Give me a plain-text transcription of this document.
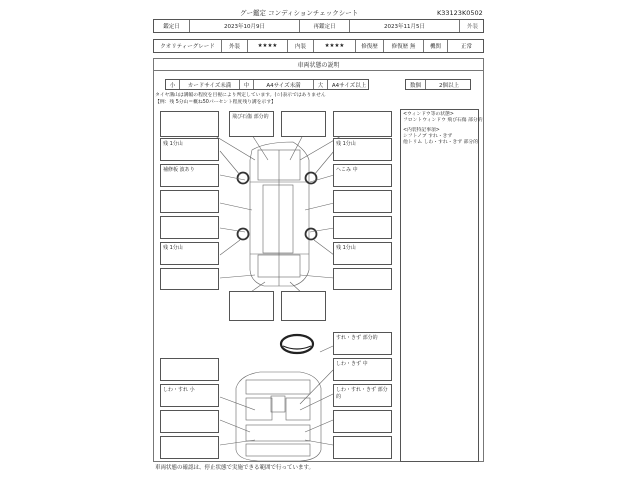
グー鑑定 コンディションチェックシート	K33123K0502
鑑定日	2023年10月9日	再鑑定日	2023年11月5日	外装
クオリティーグレード	外装	★★★★	内装	★★★★	修復歴	修復歴 無	機関	正常
車両状態の説明
小	カードサイズ未満	中	A4サイズ未満	大	A4サイズ以上	数個	2個以上
タイヤ溝山は溝幅の程度を目視により判定しています。(☆)表示ではありません
【例：残 5分山＝概ね50パーセント程度残り溝を示す】
<ウィンドウ等の状態>
フロントウィンドウ 飛び石傷 部分的
<内装特記事項>
シフトノブ すれ・きず
他トリム しわ・すれ・きず 部分的
飛び石傷 部分的
残 1分山	残 1分山
補修板 波あり	へこみ 中
残 1分山	残 1分山
すれ・きず 部分的
しわ・きず 中
しわ・すれ・きず 部分的
しわ・すれ 小
車両状態の確認は、停止状態で実施できる範囲で行っています。
